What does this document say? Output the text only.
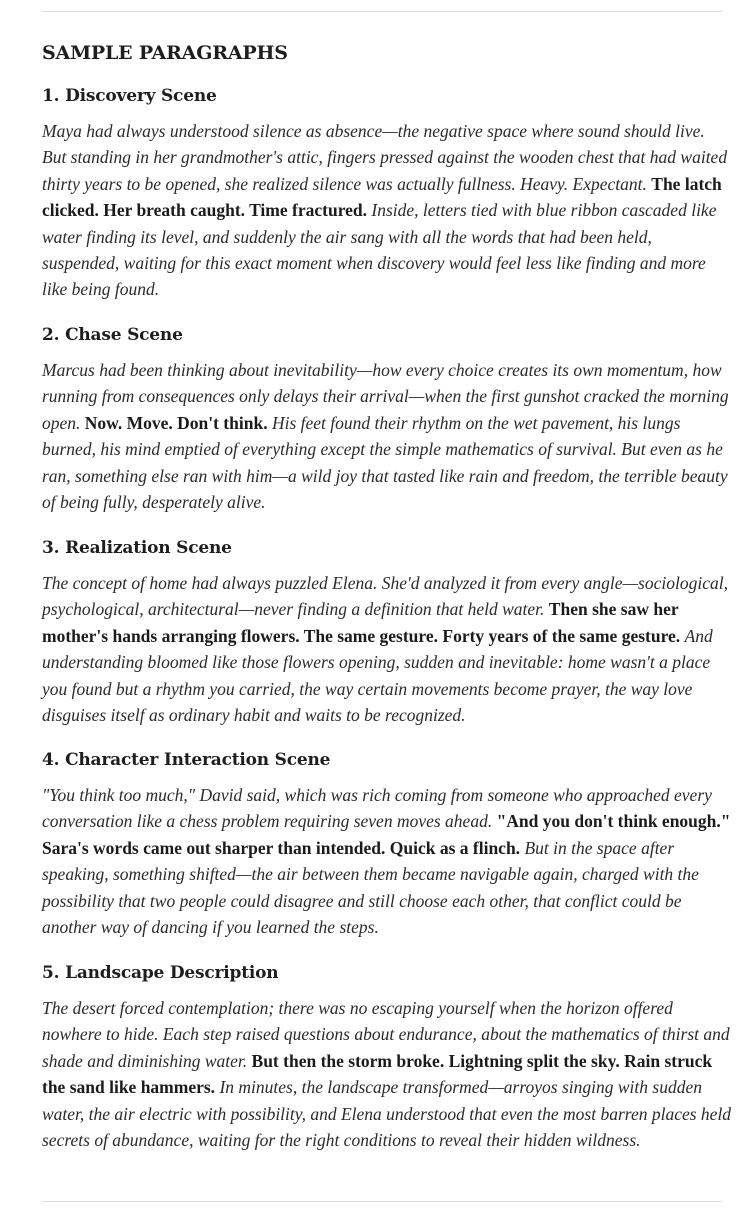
SAMPLE PARAGRAPHS
1. Discovery Scene

Maya had always understood silence as absence—the negative space where sound should live. But standing in her grandmother's attic, fingers pressed against the wooden chest that had waited thirty years to be opened, she realized silence was actually fullness. Heavy. Expectant. The latch clicked. Her breath caught. Time fractured. Inside, letters tied with blue ribbon cascaded like water finding its level, and suddenly the air sang with all the words that had been held, suspended, waiting for this exact moment when discovery would feel less like finding and more like being found.

2. Chase Scene

Marcus had been thinking about inevitability—how every choice creates its own momentum, how running from consequences only delays their arrival—when the first gunshot cracked the morning open. Now. Move. Don't think. His feet found their rhythm on the wet pavement, his lungs burned, his mind emptied of everything except the simple mathematics of survival. But even as he ran, something else ran with him—a wild joy that tasted like rain and freedom, the terrible beauty of being fully, desperately alive.

3. Realization Scene

The concept of home had always puzzled Elena. She'd analyzed it from every angle—sociological, psychological, architectural—never finding a definition that held water. Then she saw her mother's hands arranging flowers. The same gesture. Forty years of the same gesture. And understanding bloomed like those flowers opening, sudden and inevitable: home wasn't a place you found but a rhythm you carried, the way certain movements become prayer, the way love disguises itself as ordinary habit and waits to be recognized.

4. Character Interaction Scene

"You think too much," David said, which was rich coming from someone who approached every conversation like a chess problem requiring seven moves ahead. "And you don't think enough." Sara's words came out sharper than intended. Quick as a flinch. But in the space after speaking, something shifted—the air between them became navigable again, charged with the possibility that two people could disagree and still choose each other, that conflict could be another way of dancing if you learned the steps.

5. Landscape Description

The desert forced contemplation; there was no escaping yourself when the horizon offered nowhere to hide. Each step raised questions about endurance, about the mathematics of thirst and shade and diminishing water. But then the storm broke. Lightning split the sky. Rain struck the sand like hammers. In minutes, the landscape transformed—arroyos singing with sudden water, the air electric with possibility, and Elena understood that even the most barren places held secrets of abundance, waiting for the right conditions to reveal their hidden wildness.
